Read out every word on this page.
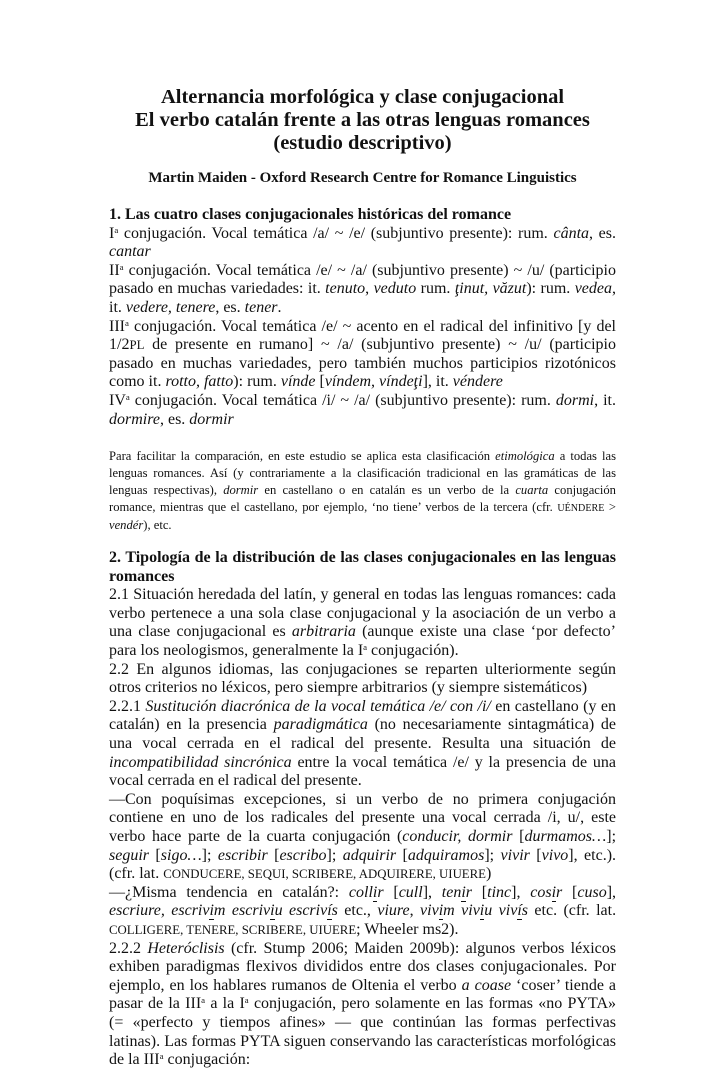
Alternancia morfológica y clase conjugacional
El verbo catalán frente a las otras lenguas romances
(estudio descriptivo)
Martin Maiden - Oxford Research Centre for Romance Linguistics
1. Las cuatro clases conjugacionales históricas del romance

$I^a$ conjugación. Vocal temática /a/ ~ /e/ (subjuntivo presente): rum. cânta, es. cantar

$II^a$ conjugación. Vocal temática /e/ ~ /a/ (subjuntivo presente) ~ /u/ (participio pasado en muchas variedades: it. tenuto, veduto rum. ţinut, văzut): rum. vedea, it. vedere, tenere, es. tener.

III$^a$ conjugación. Vocal temática /e/ ~ acento en el radical del infinitivo [y del 1/2PL de presente en rumano] ~ /a/ (subjuntivo presente) ~ /u/ (participio pasado en muchas variedades, pero también muchos participios rizotónicos como it. rotto, fatto): rum. vínde [víndem, víndeţi], it. véndere

$IV^a$ conjugación. Vocal temática /i/ ~ /a/ (subjuntivo presente): rum. dormi, it. dormire, es. dormir

Para facilitar la comparación, en este estudio se aplica esta clasificación etimológica a todas las lenguas romances. Así (y contrariamente a la clasificación tradicional en las gramáticas de las lenguas respectivas), dormir en castellano o en catalán es un verbo de la cuarta conjugación romance, mientras que el castellano, por ejemplo, ‘no tiene’ verbos de la tercera (cfr. UÉNDERE > vendér), etc.

2. Tipología de la distribución de las clases conjugacionales en las lenguas romances

2.1 Situación heredada del latín, y general en todas las lenguas romances: cada verbo pertenece a una sola clase conjugacional y la asociación de un verbo a una clase conjugacional es arbitraria (aunque existe una clase ‘por defecto’ para los neologismos, generalmente la $I^a$ conjugación).

2.2 En algunos idiomas, las conjugaciones se reparten ulteriormente según otros criterios no léxicos, pero siempre arbitrarios (y siempre sistemáticos)

2.2.1 Sustitución diacrónica de la vocal temática /e/ con /i/ en castellano (y en catalán) en la presencia paradigmática (no necesariamente sintagmática) de una vocal cerrada en el radical del presente. Resulta una situación de incompatibilidad sincrónica entre la vocal temática /e/ y la presencia de una vocal cerrada en el radical del presente.

—Con poquísimas excepciones, si un verbo de no primera conjugación contiene en uno de los radicales del presente una vocal cerrada /i, u/, este verbo hace parte de la cuarta conjugación (conducir, dormir [durmamos…]; seguir [sigo…]; escribir [escribo]; adquirir [adquiramos]; vivir [vivo], etc.). (cfr. lat. CONDUCERE, SEQUI, SCRIBERE, ADQUIRERE, UIUERE)

—¿Misma tendencia en catalán?: collir [cull], tenir [tinc], cosir [cuso], escriure, escrivim escriviu escrivís etc., viure, vivim viviu vivís etc. (cfr. lat. COLLIGERE, TENERE, SCRIBERE, UIUERE; Wheeler ms2).

2.2.2 Heteróclisis (cfr. Stump 2006; Maiden 2009b): algunos verbos léxicos exhiben paradigmas flexivos divididos entre dos clases conjugacionales. Por ejemplo, en los hablares rumanos de Oltenia el verbo a coase ‘coser’ tiende a pasar de la III$^a$ a la $I^a$ conjugación, pero solamente en las formas «no PYTA» (= «perfecto y tiempos afines» — que continúan las formas perfectivas latinas). Las formas PYTA siguen conservando las características morfológicas de la III$^a$ conjugación:
